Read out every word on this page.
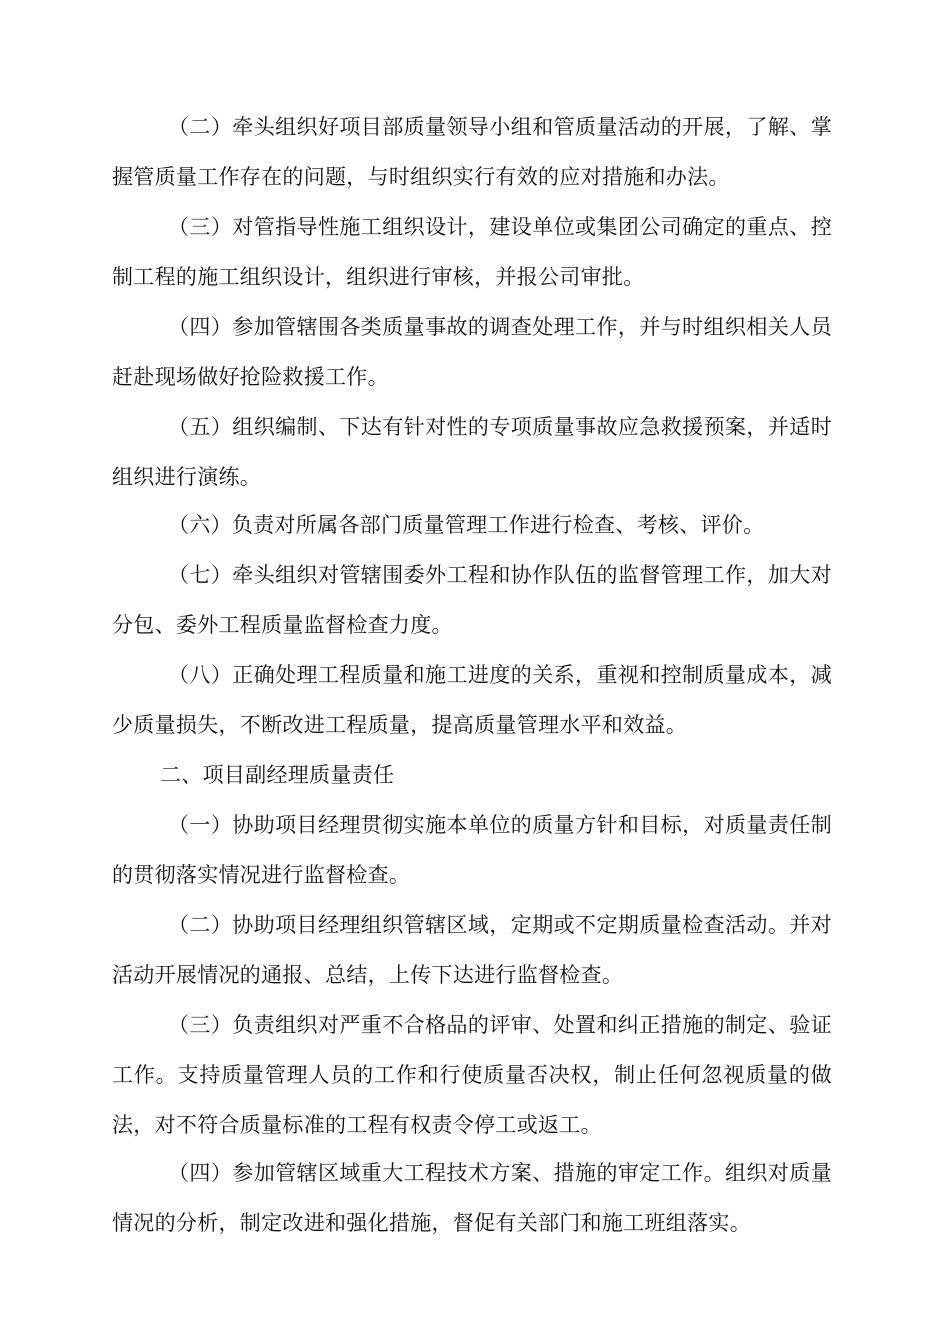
（二）牵头组织好项目部质量领导小组和管质量活动的开展，了解、掌握管质量工作存在的问题，与时组织实行有效的应对措施和办法。

（三）对管指导性施工组织设计，建设单位或集团公司确定的重点、控制工程的施工组织设计，组织进行审核，并报公司审批。

（四）参加管辖围各类质量事故的调查处理工作，并与时组织相关人员赶赴现场做好抢险救援工作。

（五）组织编制、下达有针对性的专项质量事故应急救援预案，并适时组织进行演练。

（六）负责对所属各部门质量管理工作进行检查、考核、评价。

（七）牵头组织对管辖围委外工程和协作队伍的监督管理工作，加大对分包、委外工程质量监督检查力度。

（八）正确处理工程质量和施工进度的关系，重视和控制质量成本，减少质量损失，不断改进工程质量，提高质量管理水平和效益。

二、项目副经理质量责任

（一）协助项目经理贯彻实施本单位的质量方针和目标，对质量责任制的贯彻落实情况进行监督检查。

（二）协助项目经理组织管辖区域，定期或不定期质量检查活动。并对活动开展情况的通报、总结，上传下达进行监督检查。

（三）负责组织对严重不合格品的评审、处置和纠正措施的制定、验证工作。支持质量管理人员的工作和行使质量否决权，制止任何忽视质量的做法，对不符合质量标准的工程有权责令停工或返工。

（四）参加管辖区域重大工程技术方案、措施的审定工作。组织对质量情况的分析，制定改进和强化措施，督促有关部门和施工班组落实。
